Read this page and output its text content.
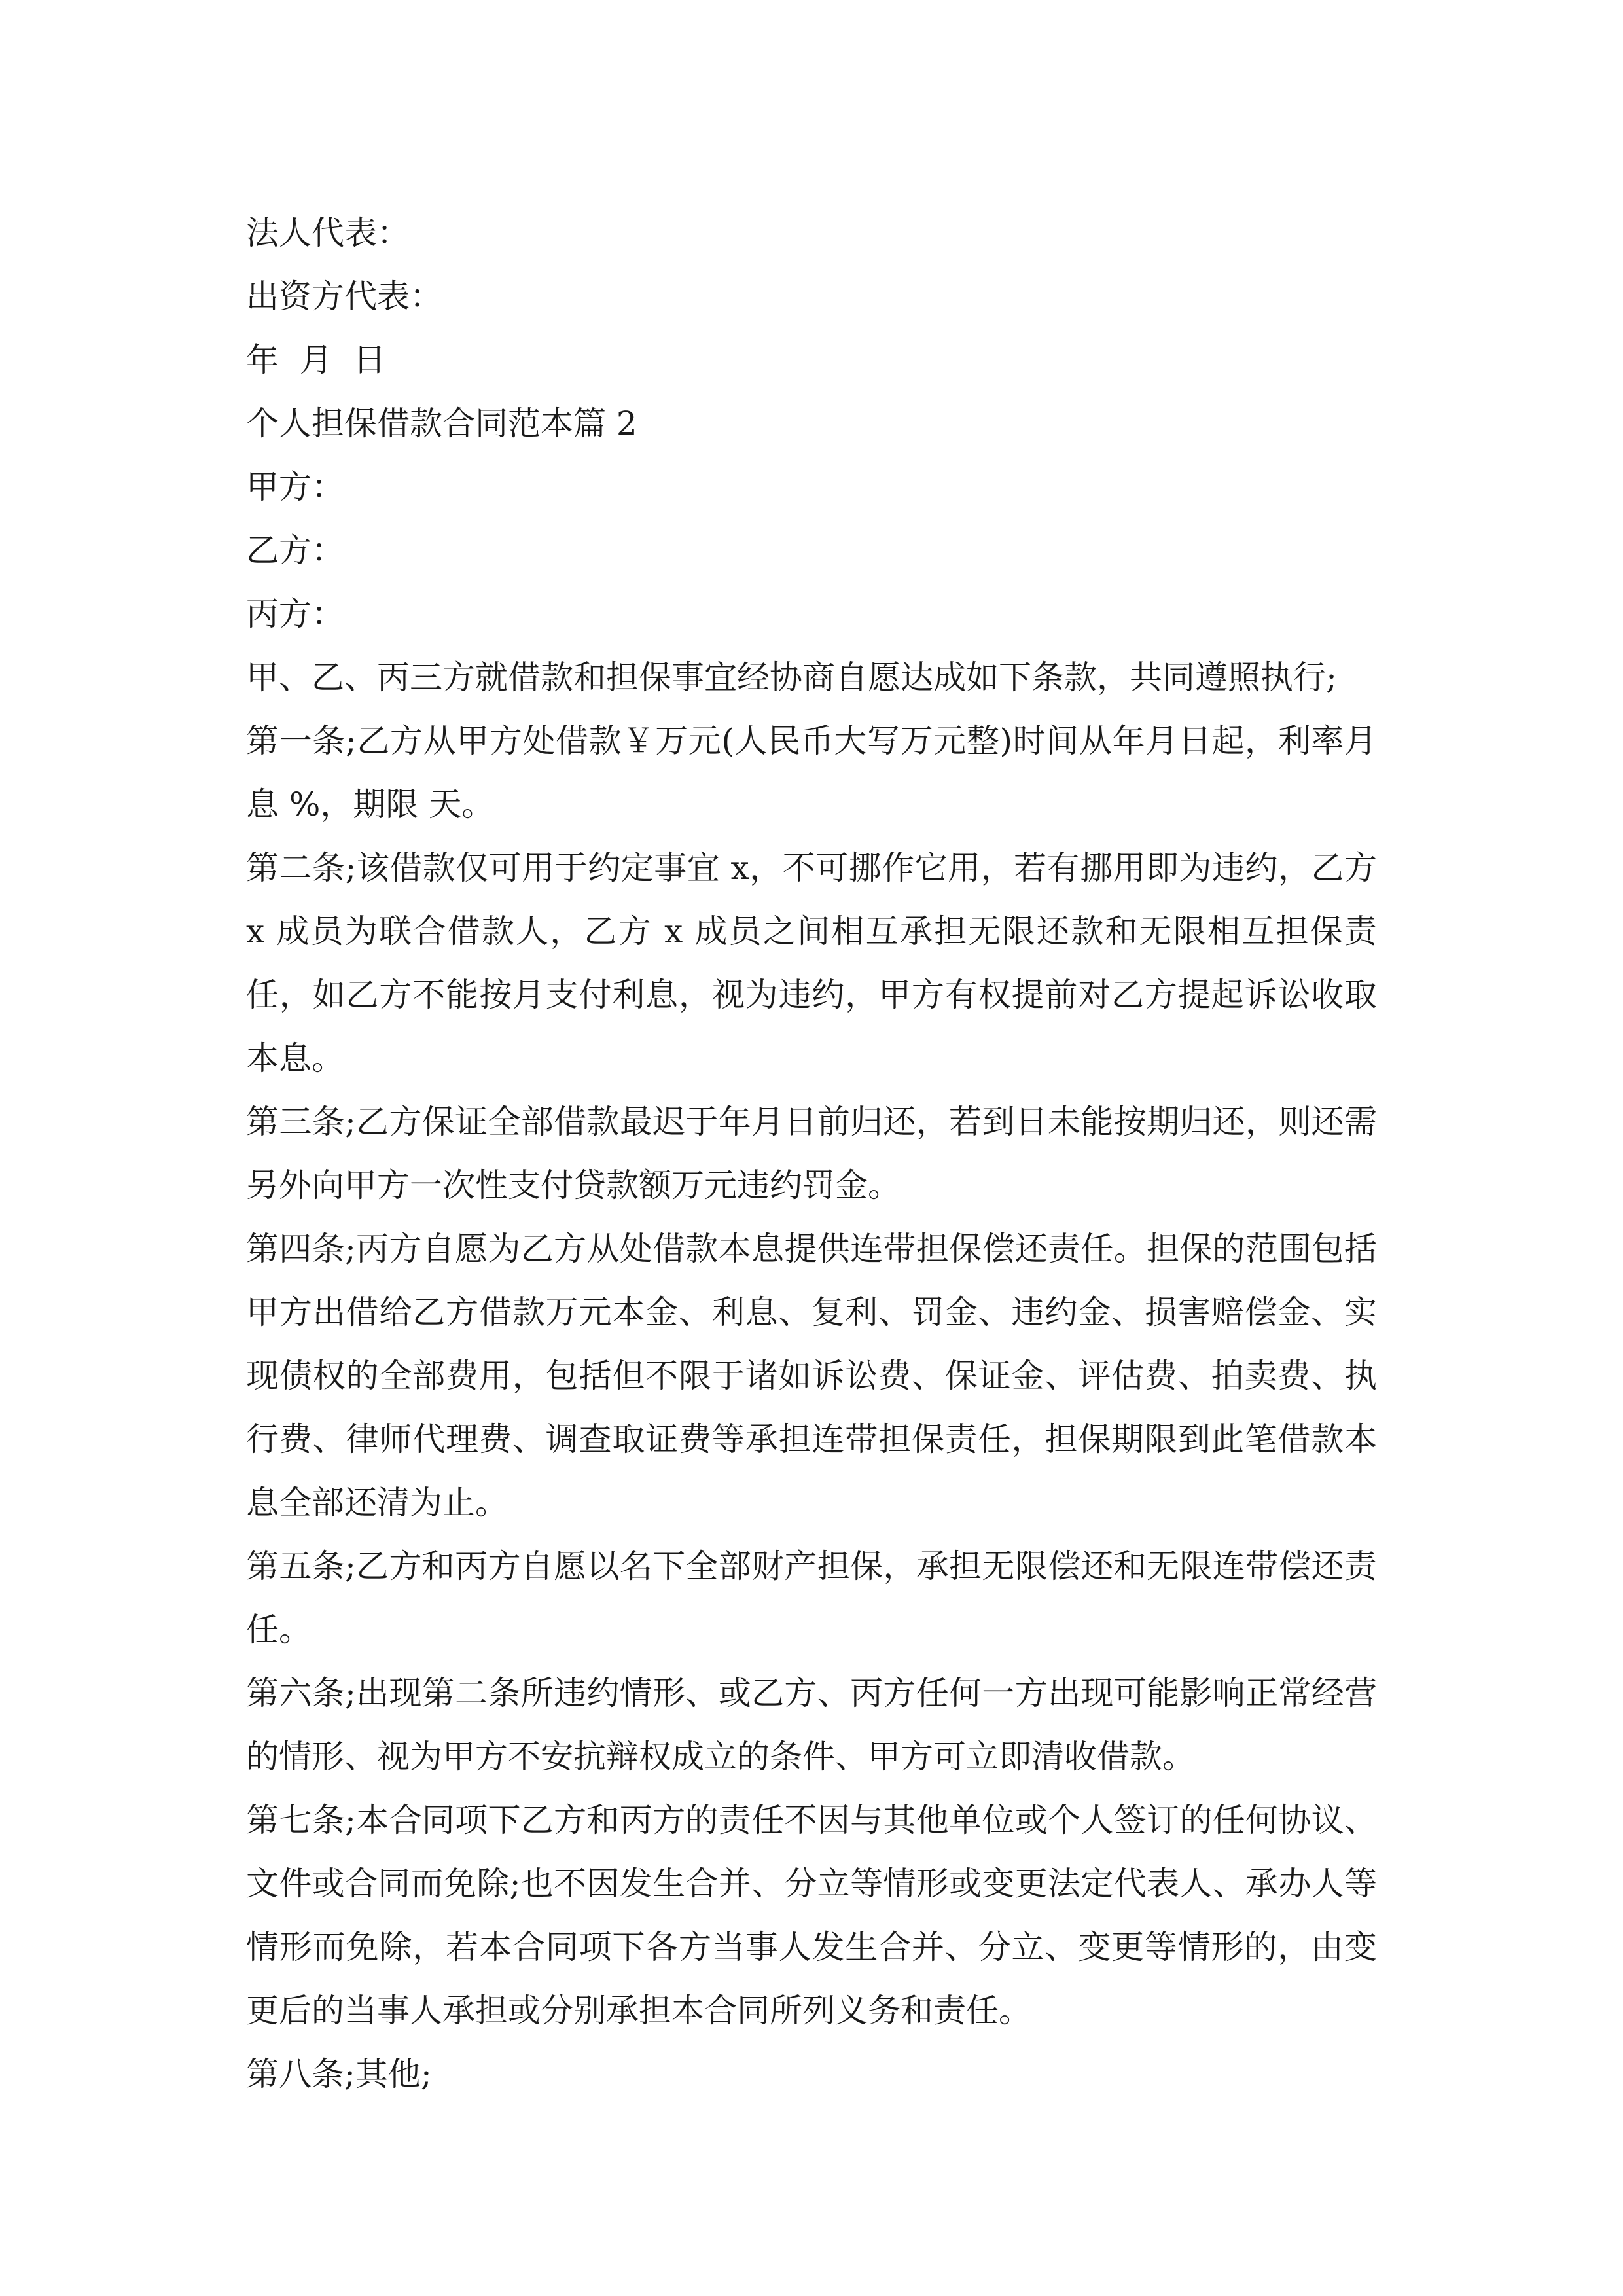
法人代表：
出资方代表：
年  月  日
个人担保借款合同范本篇 2
甲方：
乙方：
丙方：
甲、乙、丙三方就借款和担保事宜经协商自愿达成如下条款，共同遵照执行;
第一条;乙方从甲方处借款￥万元(人民币大写万元整)时间从年月日起，利率月息 %，期限 天。
第二条;该借款仅可用于约定事宜 x，不可挪作它用，若有挪用即为违约，乙方 x 成员为联合借款人，乙方 x 成员之间相互承担无限还款和无限相互担保责任，如乙方不能按月支付利息，视为违约，甲方有权提前对乙方提起诉讼收取本息。
第三条;乙方保证全部借款最迟于年月日前归还，若到日未能按期归还，则还需另外向甲方一次性支付贷款额万元违约罚金。
第四条;丙方自愿为乙方从处借款本息提供连带担保偿还责任。担保的范围包括甲方出借给乙方借款万元本金、利息、复利、罚金、违约金、损害赔偿金、实现债权的全部费用，包括但不限于诸如诉讼费、保证金、评估费、拍卖费、执行费、律师代理费、调查取证费等承担连带担保责任，担保期限到此笔借款本息全部还清为止。
第五条;乙方和丙方自愿以名下全部财产担保，承担无限偿还和无限连带偿还责任。
第六条;出现第二条所违约情形、或乙方、丙方任何一方出现可能影响正常经营的情形、视为甲方不安抗辩权成立的条件、甲方可立即清收借款。
第七条;本合同项下乙方和丙方的责任不因与其他单位或个人签订的任何协议、文件或合同而免除;也不因发生合并、分立等情形或变更法定代表人、承办人等情形而免除，若本合同项下各方当事人发生合并、分立、变更等情形的，由变更后的当事人承担或分别承担本合同所列义务和责任。
第八条;其他;
